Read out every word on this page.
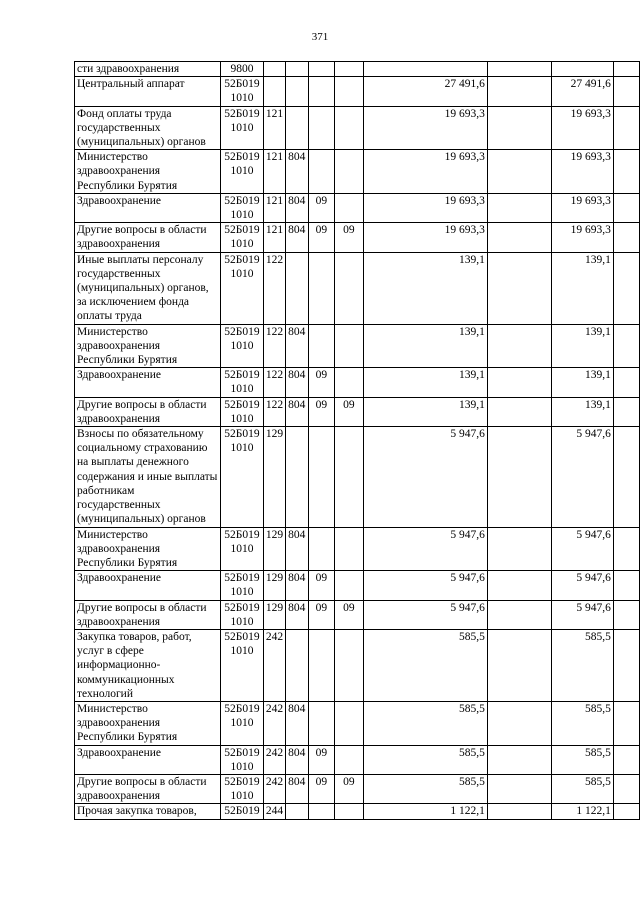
371
сти здравоохранения	9800								
Центральный аппарат	52Б019 1010					27 491,6		27 491,6	
Фонд оплаты труда государственных (муниципальных) органов	52Б019 1010	121				19 693,3		19 693,3	
Министерство здравоохранения Республики Бурятия	52Б019 1010	121	804			19 693,3		19 693,3	
Здравоохранение	52Б019 1010	121	804	09		19 693,3		19 693,3	
Другие вопросы в области здравоохранения	52Б019 1010	121	804	09	09	19 693,3		19 693,3	
Иные выплаты персоналу государственных (муниципальных) органов, за исключением фонда оплаты труда	52Б019 1010	122				139,1		139,1	
Министерство здравоохранения Республики Бурятия	52Б019 1010	122	804			139,1		139,1	
Здравоохранение	52Б019 1010	122	804	09		139,1		139,1	
Другие вопросы в области здравоохранения	52Б019 1010	122	804	09	09	139,1		139,1	
Взносы по обязательному социальному страхованию на выплаты денежного содержания и иные выплаты работникам государственных (муниципальных) органов	52Б019 1010	129				5 947,6		5 947,6	
Министерство здравоохранения Республики Бурятия	52Б019 1010	129	804			5 947,6		5 947,6	
Здравоохранение	52Б019 1010	129	804	09		5 947,6		5 947,6	
Другие вопросы в области здравоохранения	52Б019 1010	129	804	09	09	5 947,6		5 947,6	
Закупка товаров, работ, услуг в сфере информационно-коммуникационных технологий	52Б019 1010	242				585,5		585,5	
Министерство здравоохранения Республики Бурятия	52Б019 1010	242	804			585,5		585,5	
Здравоохранение	52Б019 1010	242	804	09		585,5		585,5	
Другие вопросы в области здравоохранения	52Б019 1010	242	804	09	09	585,5		585,5	
Прочая закупка товаров,	52Б019	244				1 122,1		1 122,1	
